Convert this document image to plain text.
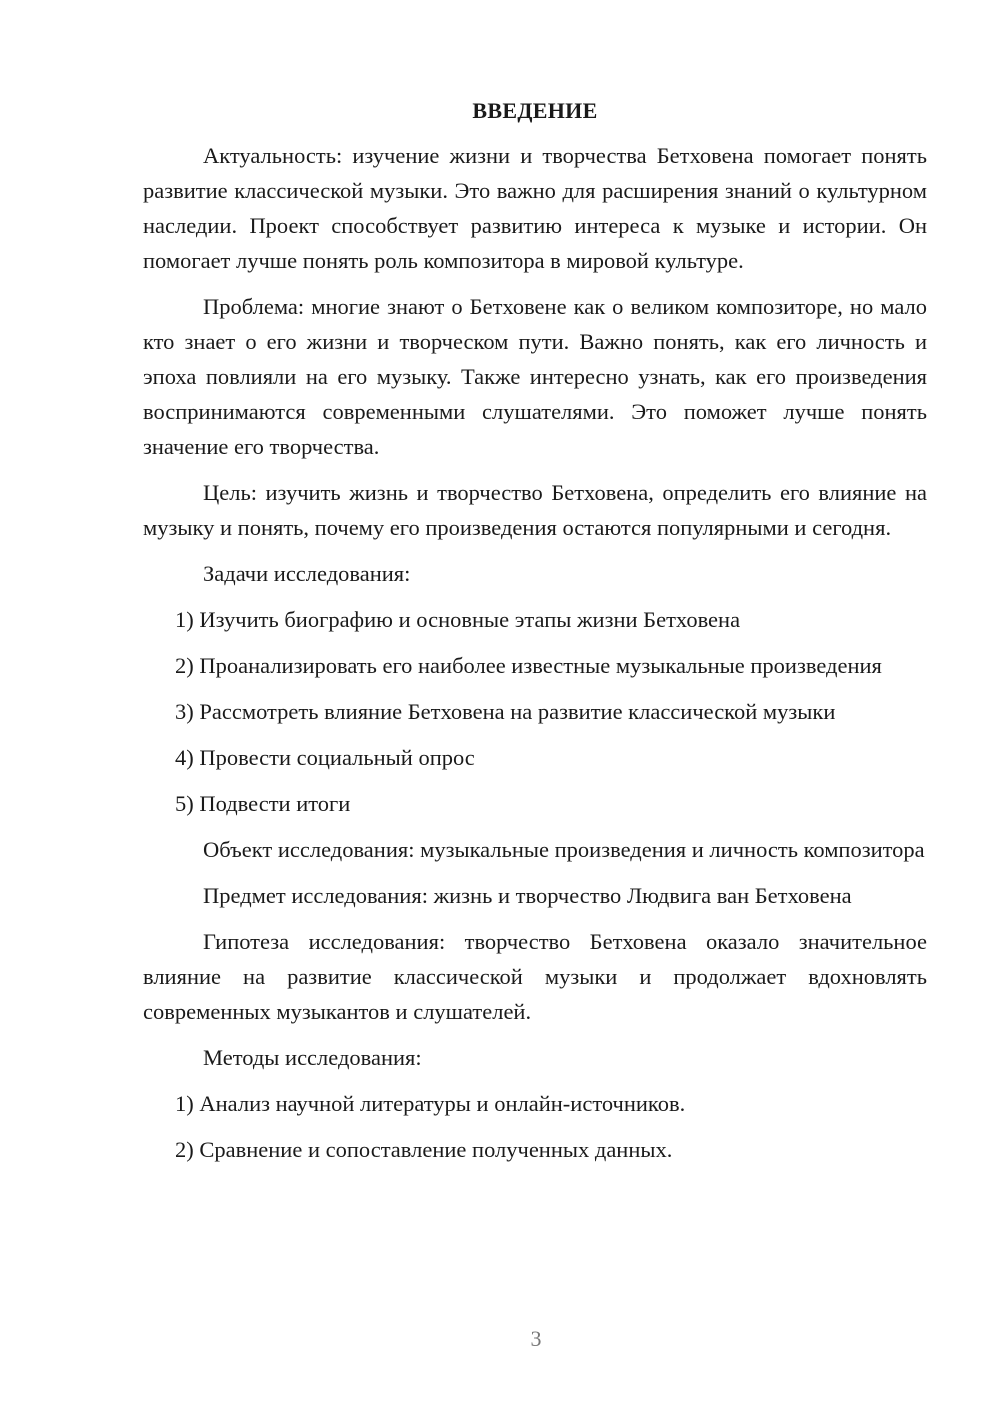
ВВЕДЕНИЕ

Актуальность: изучение жизни и творчества Бетховена помогает понять развитие классической музыки. Это важно для расширения знаний о культурном наследии. Проект способствует развитию интереса к музыке и истории. Он помогает лучше понять роль композитора в мировой культуре.

Проблема: многие знают о Бетховене как о великом композиторе, но мало кто знает о его жизни и творческом пути. Важно понять, как его личность и эпоха повлияли на его музыку. Также интересно узнать, как его произведения воспринимаются современными слушателями. Это поможет лучше понять значение его творчества.

Цель: изучить жизнь и творчество Бетховена, определить его влияние на музыку и понять, почему его произведения остаются популярными и сегодня.

Задачи исследования:

1) Изучить биографию и основные этапы жизни Бетховена

2) Проанализировать его наиболее известные музыкальные произведения

3) Рассмотреть влияние Бетховена на развитие классической музыки

4) Провести социальный опрос

5) Подвести итоги

Объект исследования: музыкальные произведения и личность композитора

Предмет исследования: жизнь и творчество Людвига ван Бетховена

Гипотеза исследования: творчество Бетховена оказало значительное влияние на развитие классической музыки и продолжает вдохновлять современных музыкантов и слушателей.

Методы исследования:

1) Анализ научной литературы и онлайн-источников.

2) Сравнение и сопоставление полученных данных.

3
